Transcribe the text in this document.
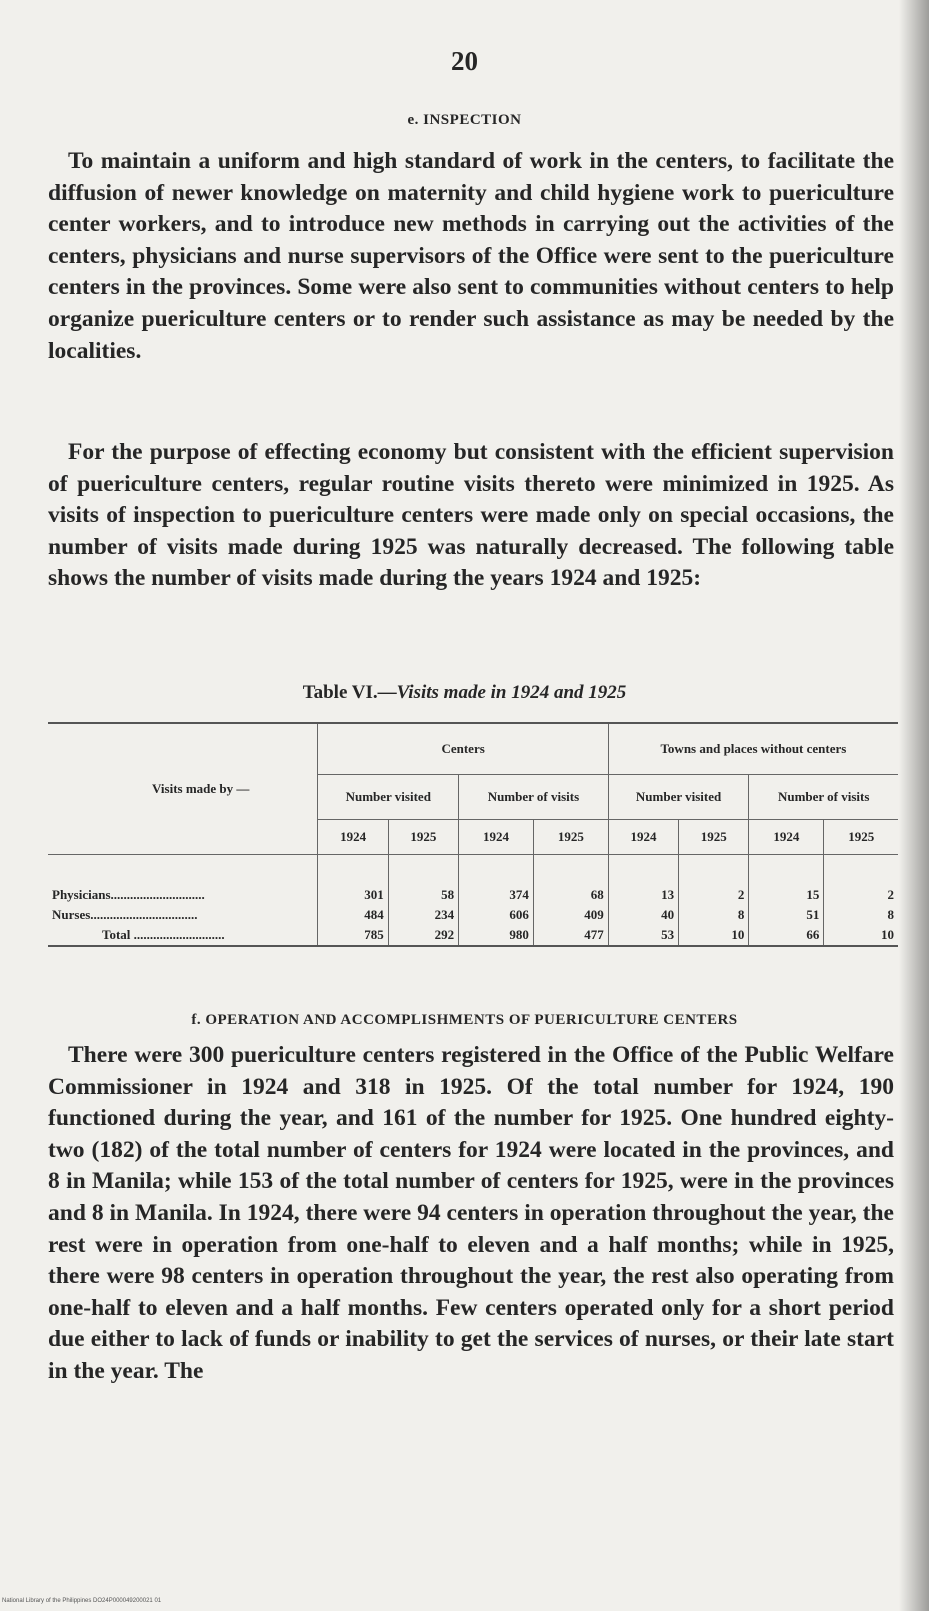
20
e. INSPECTION

To maintain a uniform and high standard of work in the centers, to facilitate the diffusion of newer knowledge on maternity and child hygiene work to puericulture center workers, and to introduce new methods in carrying out the activities of the centers, physicians and nurse supervisors of the Office were sent to the puericulture centers in the provinces. Some were also sent to communities without centers to help organize puericulture centers or to render such assistance as may be needed by the localities.

For the purpose of effecting economy but consistent with the efficient supervision of puericulture centers, regular routine visits thereto were minimized in 1925. As visits of inspection to puericulture centers were made only on special occasions, the number of visits made during 1925 was naturally decreased. The following table shows the number of visits made during the years 1924 and 1925:

Table VI.—Visits made in 1924 and 1925
Visits made by —	Centers				Towns and places without centers			
	Number visited		Number of visits		Number visited		Number of visits	
	1924	1925	1924	1925	1924	1925	1924	1925

Physicians.............................	301	58	374	68	13	2	15	2
Nurses.................................	484	234	606	409	40	8	51	8
Total ............................	785	292	980	477	53	10	66	10
f. OPERATION AND ACCOMPLISHMENTS OF PUERICULTURE CENTERS

There were 300 puericulture centers registered in the Office of the Public Welfare Commissioner in 1924 and 318 in 1925. Of the total number for 1924, 190 functioned during the year, and 161 of the number for 1925. One hundred eighty-two (182) of the total number of centers for 1924 were located in the provinces, and 8 in Manila; while 153 of the total number of centers for 1925, were in the provinces and 8 in Manila. In 1924, there were 94 centers in operation throughout the year, the rest were in operation from one-half to eleven and a half months; while in 1925, there were 98 centers in operation throughout the year, the rest also operating from one-half to eleven and a half months. Few centers operated only for a short period due either to lack of funds or inability to get the services of nurses, or their late start in the year. The

National Library of the Philippines DO24P000049200021 01
